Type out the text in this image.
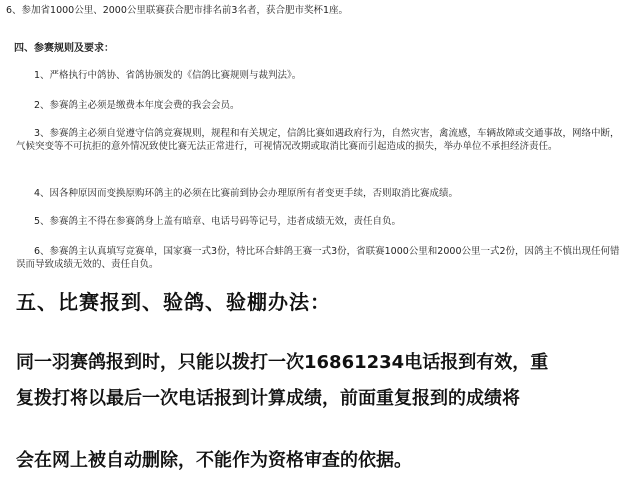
6、参加省1000公里、2000公里联赛获合肥市排名前3名者，获合肥市奖杯1座。
四、参赛规则及要求：
1、严格执行中鸽协、省鸽协颁发的《信鸽比赛规则与裁判法》。
2、参赛鸽主必须是缴费本年度会费的我会会员。
3、参赛鸽主必须自觉遵守信鸽竞赛规则，规程和有关规定，信鸽比赛如遇政府行为，自然灾害，禽流感，车辆故障或交通事故，网络中断，气候突变等不可抗拒的意外情况致使比赛无法正常进行，可视情况改期或取消比赛而引起造成的损失，举办单位不承担经济责任。
4、因各种原因而变换原购环鸽主的必须在比赛前到协会办理原所有者变更手续，否则取消比赛成绩。
5、参赛鸽主不得在参赛鸽身上盖有暗章、电话号码等记号，违者成绩无效，责任自负。
6、参赛鸽主认真填写竞赛单，国家赛一式3份，特比环合蚌鸽王赛一式3份，省联赛1000公里和2000公里一式2份，因鸽主不慎出现任何错误而导致成绩无效的、责任自负。
五、比赛报到、验鸽、验棚办法：
同一羽赛鸽报到时，只能以拨打一次16861234电话报到有效，重
复拨打将以最后一次电话报到计算成绩，前面重复报到的成绩将
会在网上被自动删除，不能作为资格审查的依据。
